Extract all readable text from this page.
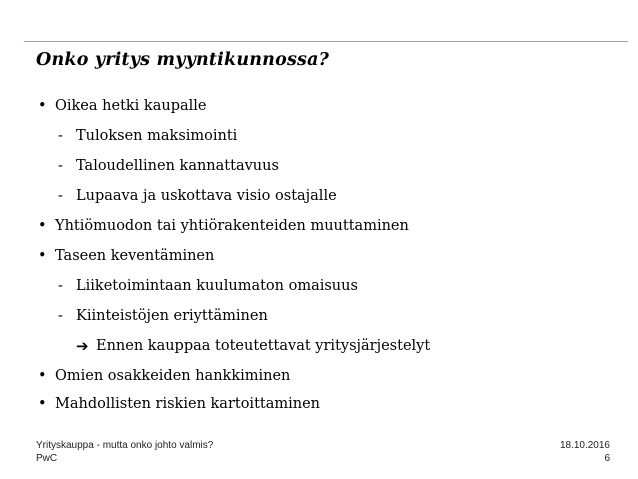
Onko yritys myyntikunnossa?
• Oikea hetki kaupalle
- Tuloksen maksimointi
- Taloudellinen kannattavuus
- Lupaava ja uskottava visio ostajalle
• Yhtiömuodon tai yhtiörakenteiden muuttaminen
• Taseen keventäminen
- Liiketoimintaan kuulumaton omaisuus
- Kiinteistöjen eriyttäminen
➔ Ennen kauppaa toteutettavat yritysjärjestelyt
• Omien osakkeiden hankkiminen
• Mahdollisten riskien kartoittaminen
Yrityskauppa - mutta onko johto valmis?
PwC
18.10.2016
6
